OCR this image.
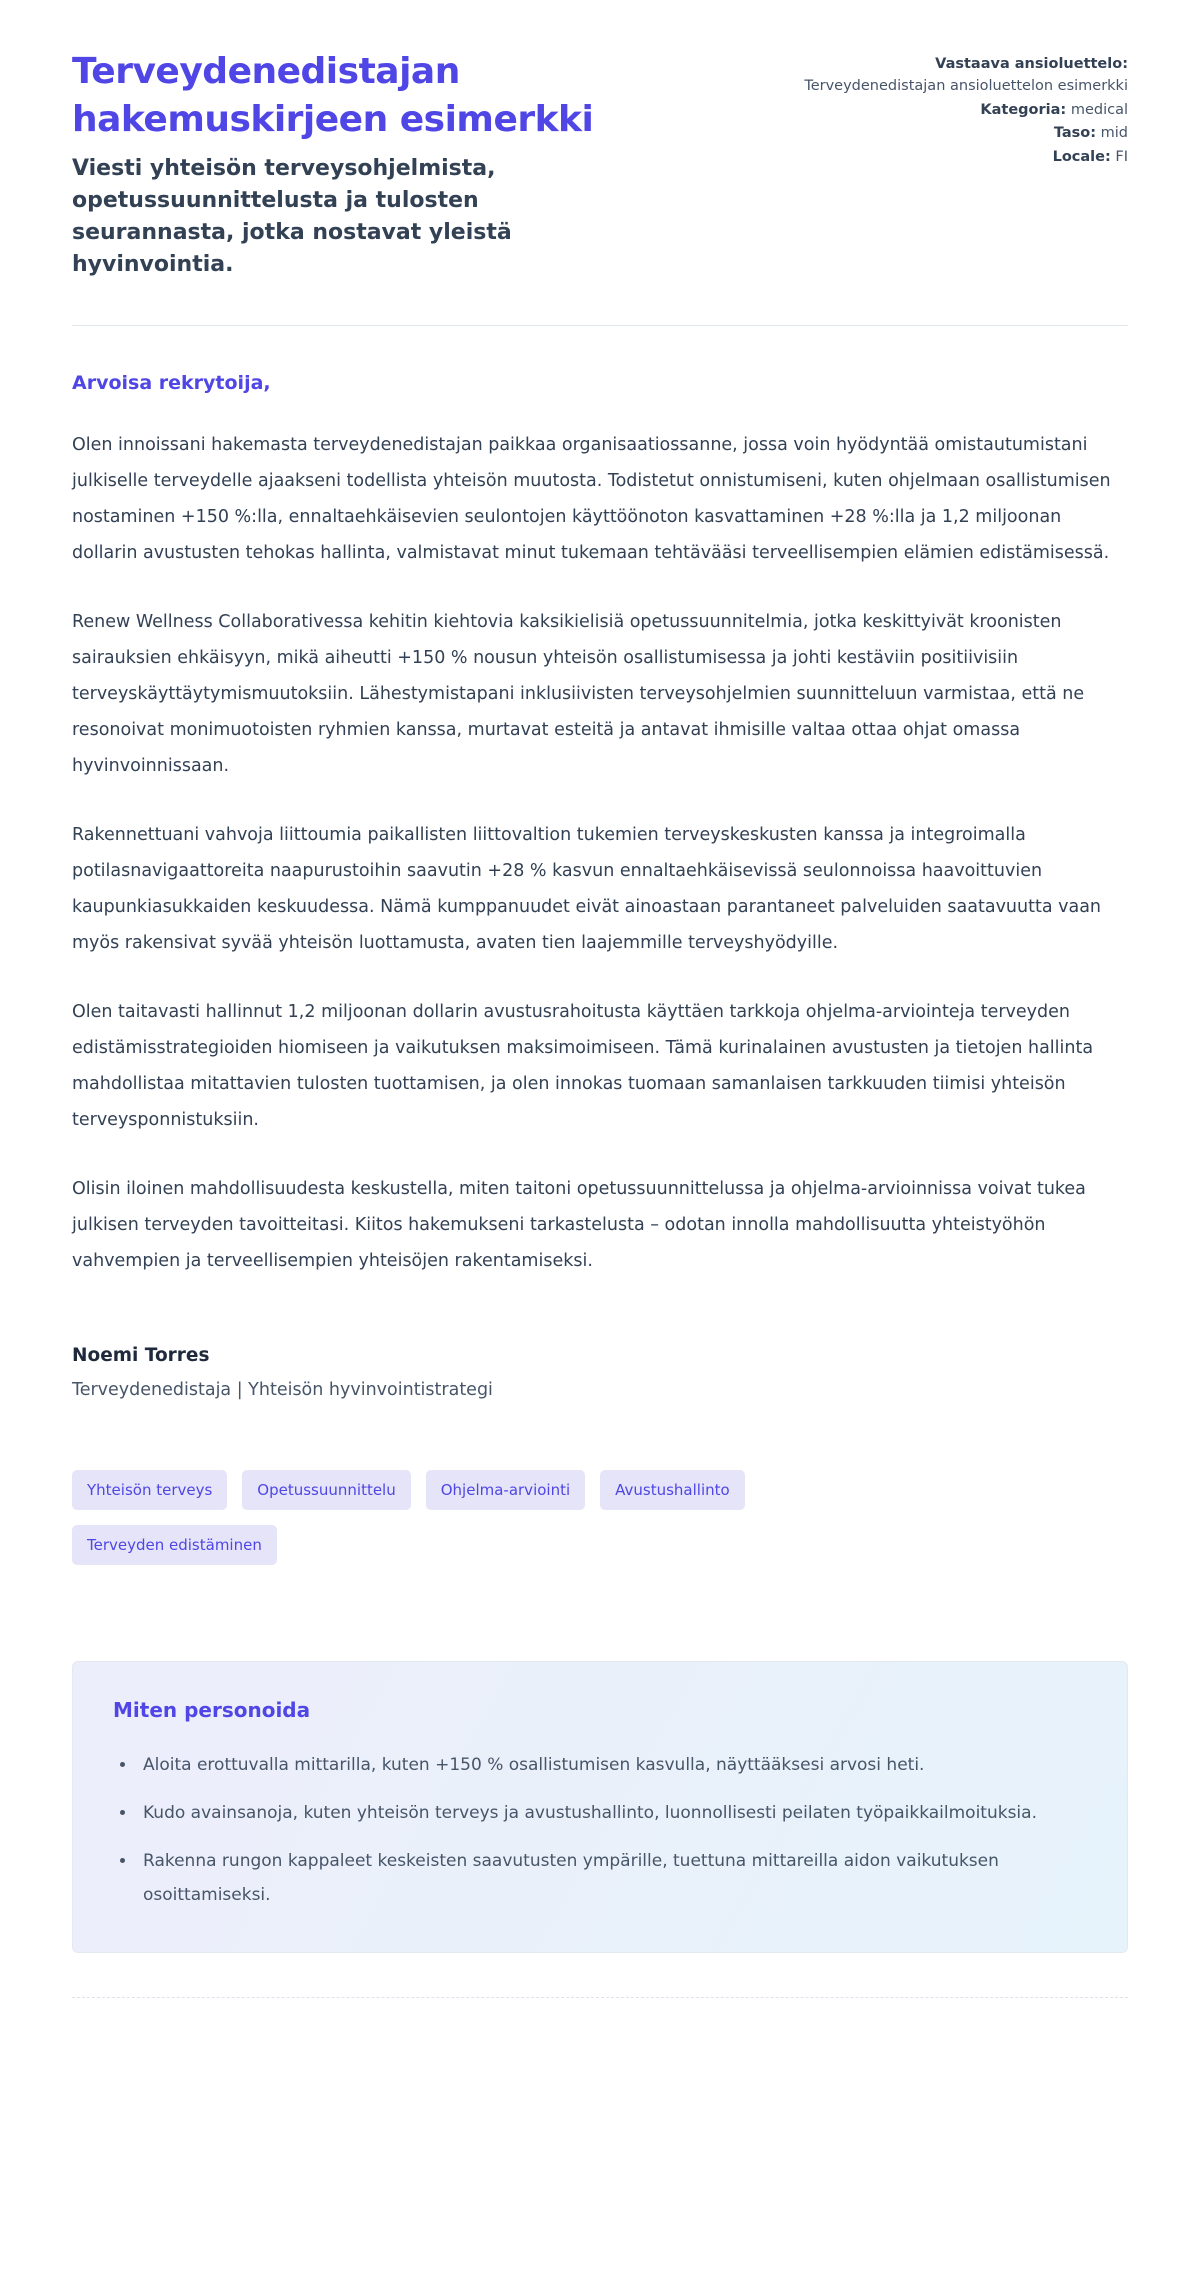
Terveydenedistajan hakemuskirjeen esimerkki
Viesti yhteisön terveysohjelmista, opetussuunnittelusta ja tulosten seurannasta, jotka nostavat yleistä hyvinvointia.
Vastaava ansioluettelo:
Terveydenedistajan ansioluettelon esimerkki
Kategoria: medical
Taso: mid
Locale: FI
Arvoisa rekrytoija,

Olen innoissani hakemasta terveydenedistajan paikkaa organisaatiossanne, jossa voin hyödyntää omistautumistani julkiselle terveydelle ajaakseni todellista yhteisön muutosta. Todistetut onnistumiseni, kuten ohjelmaan osallistumisen nostaminen +150 %:lla, ennaltaehkäisevien seulontojen käyttöönoton kasvattaminen +28 %:lla ja 1,2 miljoonan dollarin avustusten tehokas hallinta, valmistavat minut tukemaan tehtävääsi terveellisempien elämien edistämisessä.

Renew Wellness Collaborativessa kehitin kiehtovia kaksikielisiä opetussuunnitelmia, jotka keskittyivät kroonisten sairauksien ehkäisyyn, mikä aiheutti +150 % nousun yhteisön osallistumisessa ja johti kestäviin positiivisiin terveyskäyttäytymismuutoksiin. Lähestymistapani inklusiivisten terveysohjelmien suunnitteluun varmistaa, että ne resonoivat monimuotoisten ryhmien kanssa, murtavat esteitä ja antavat ihmisille valtaa ottaa ohjat omassa hyvinvoinnissaan.

Rakennettuani vahvoja liittoumia paikallisten liittovaltion tukemien terveyskeskusten kanssa ja integroimalla potilasnavigaattoreita naapurustoihin saavutin +28 % kasvun ennaltaehkäisevissä seulonnoissa haavoittuvien kaupunkiasukkaiden keskuudessa. Nämä kumppanuudet eivät ainoastaan parantaneet palveluiden saatavuutta vaan myös rakensivat syvää yhteisön luottamusta, avaten tien laajemmille terveyshyödyille.

Olen taitavasti hallinnut 1,2 miljoonan dollarin avustusrahoitusta käyttäen tarkkoja ohjelma-arviointeja terveyden edistämisstrategioiden hiomiseen ja vaikutuksen maksimoimiseen. Tämä kurinalainen avustusten ja tietojen hallinta mahdollistaa mitattavien tulosten tuottamisen, ja olen innokas tuomaan samanlaisen tarkkuuden tiimisi yhteisön terveysponnistuksiin.

Olisin iloinen mahdollisuudesta keskustella, miten taitoni opetussuunnittelussa ja ohjelma-arvioinnissa voivat tukea julkisen terveyden tavoitteitasi. Kiitos hakemukseni tarkastelusta – odotan innolla mahdollisuutta yhteistyöhön vahvempien ja terveellisempien yhteisöjen rakentamiseksi.

Noemi Torres
Terveydenedistaja | Yhteisön hyvinvointistrategi
Yhteisön terveys	Opetussuunnittelu	Ohjelma-arviointi	Avustushallinto
Terveyden edistäminen
Miten personoida
• Aloita erottuvalla mittarilla, kuten +150 % osallistumisen kasvulla, näyttääksesi arvosi heti.
• Kudo avainsanoja, kuten yhteisön terveys ja avustushallinto, luonnollisesti peilaten työpaikkailmoituksia.
• Rakenna rungon kappaleet keskeisten saavutusten ympärille, tuettuna mittareilla aidon vaikutuksen osoittamiseksi.
